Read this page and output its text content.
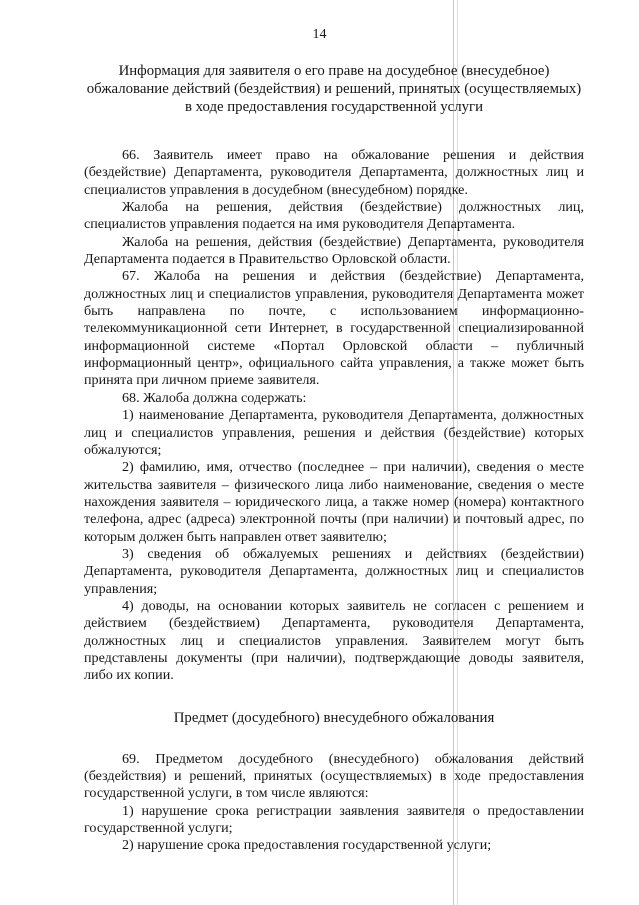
14

Информация для заявителя о его праве на досудебное (внесудебное) обжалование действий (бездействия) и решений, принятых (осуществляемых) в ходе предоставления государственной услуги

66. Заявитель имеет право на обжалование решения и действия (бездействие) Департамента, руководителя Департамента, должностных лиц и специалистов управления в досудебном (внесудебном) порядке.

Жалоба на решения, действия (бездействие) должностных лиц, специалистов управления подается на имя руководителя Департамента.

Жалоба на решения, действия (бездействие) Департамента, руководителя Департамента подается в Правительство Орловской области.

67. Жалоба на решения и действия (бездействие) Департамента, должностных лиц и специалистов управления, руководителя Департамента может быть направлена по почте, с использованием информационно-телекоммуникационной сети Интернет, в государственной специализированной информационной системе «Портал Орловской области – публичный информационный центр», официального сайта управления, а также может быть принята при личном приеме заявителя.

68. Жалоба должна содержать:

1) наименование Департамента, руководителя Департамента, должностных лиц и специалистов управления, решения и действия (бездействие) которых обжалуются;

2) фамилию, имя, отчество (последнее – при наличии), сведения о месте жительства заявителя – физического лица либо наименование, сведения о месте нахождения заявителя – юридического лица, а также номер (номера) контактного телефона, адрес (адреса) электронной почты (при наличии) и почтовый адрес, по которым должен быть направлен ответ заявителю;

3) сведения об обжалуемых решениях и действиях (бездействии) Департамента, руководителя Департамента, должностных лиц и специалистов управления;

4) доводы, на основании которых заявитель не согласен с решением и действием (бездействием) Департамента, руководителя Департамента, должностных лиц и специалистов управления. Заявителем могут быть представлены документы (при наличии), подтверждающие доводы заявителя, либо их копии.

Предмет (досудебного) внесудебного обжалования

69. Предметом досудебного (внесудебного) обжалования действий (бездействия) и решений, принятых (осуществляемых) в ходе предоставления государственной услуги, в том числе являются:

1) нарушение срока регистрации заявления заявителя о предоставлении государственной услуги;

2) нарушение срока предоставления государственной услуги;
